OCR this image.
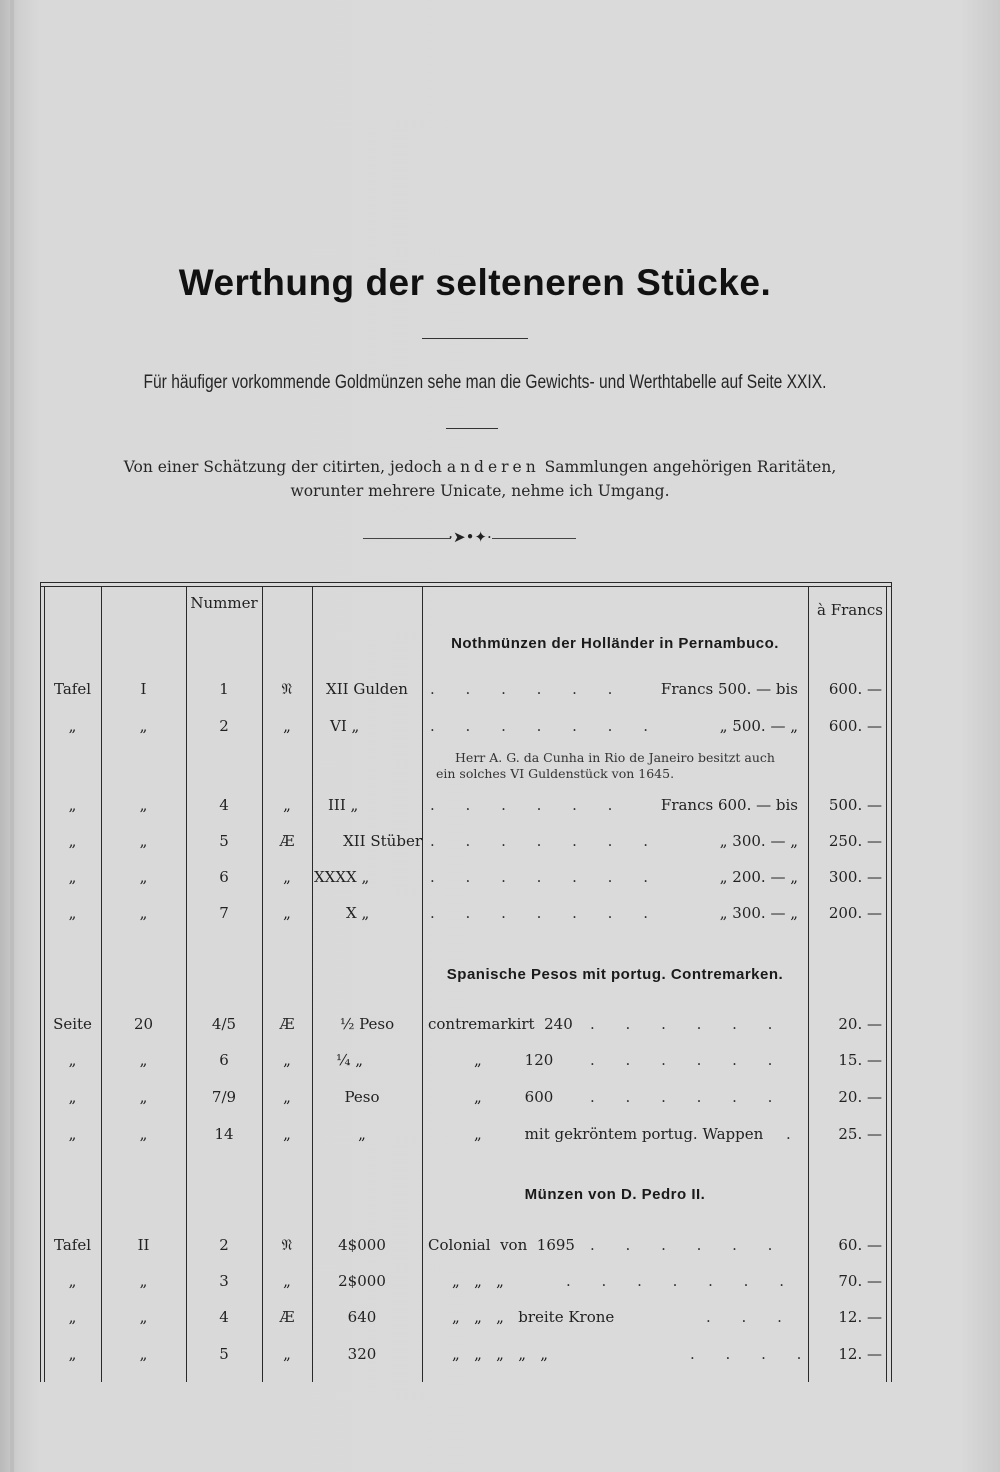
Werthung der selteneren Stücke.
Für häufiger vorkommende Goldmünzen sehe man die Gewichts- und Werthtabelle auf Seite XXIX.
Von einer Schätzung der citirten, jedoch anderen Sammlungen angehörigen Raritäten,
worunter mehrere Unicate, nehme ich Umgang.
·➤•✦·
Nummer	à Francs
Nothmünzen der Holländer in Pernambuco.
Tafel	I	1	𝔑	XII Gulden	. . . . . .	Francs 500. — bis	600. —
„	„	2	„	VI „	. . . . . . .	„ 500. — „	600. —
Herr A. G. da Cunha in Rio de Janeiro besitzt auch
ein solches VI Guldenstück von 1645.
„	„	4	„	III „	. . . . . .	Francs 600. — bis	500. —
„	„	5	Æ	XII Stüber . . . . . . .	„ 300. — „	250. —
„	„	6	„	XXXX „	. . . . . . .	„ 200. — „	300. —
„	„	7	„	X „	. . . . . . .	„ 300. — „	200. —
Spanische Pesos mit portug. Contremarken.
Seite	20	4/5	Æ	½ Peso	contremarkirt  240 . . . . . .	20. —
„	„	6	„	¼ „	„         120 . . . . . .	15. —
„	„	7/9	„	Peso	„         600 . . . . . .	20. —
„	„	14	„	„	„         mit gekröntem portug. Wappen .	25. —
Münzen von D. Pedro II.
Tafel	II	2	𝔑	4$000	Colonial  von  1695 . . . . . .	60. —
„	„	3	„	2$000	„   „   „	. . . . . . .	70. —
„	„	4	Æ	640	„   „   „   breite Krone	. . .	12. —
„	„	5	„	320	„   „   „   „   „	. . . .	12. —
